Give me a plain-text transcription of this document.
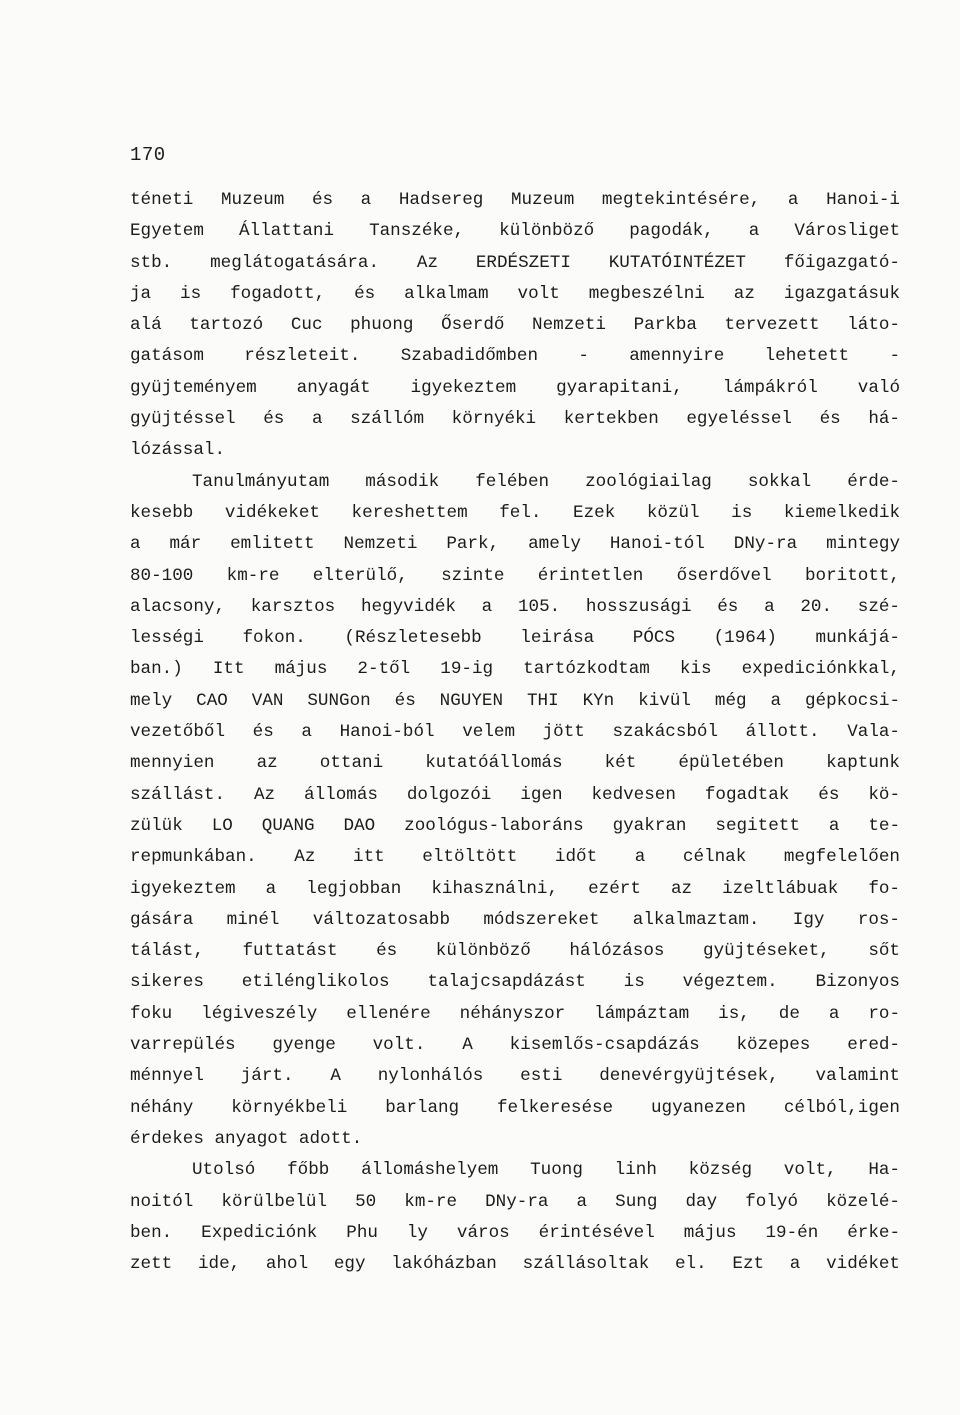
170
téneti Muzeum és a Hadsereg Muzeum megtekintésére, a Hanoi-i
Egyetem Állattani Tanszéke, különböző pagodák, a Városliget
stb. meglátogatására. Az ERDÉSZETI KUTATÓINTÉZET főigazgató-
ja is fogadott, és alkalmam volt megbeszélni az igazgatásuk
alá tartozó Cuc phuong Őserdő Nemzeti Parkba tervezett láto-
gatásom részleteit. Szabadidőmben - amennyire lehetett -
gyüjteményem anyagát igyekeztem gyarapitani, lámpákról való
gyüjtéssel és a szállóm környéki kertekben egyeléssel és há-
lózással.
Tanulmányutam második felében zoológiailag sokkal érde-
kesebb vidékeket kereshettem fel. Ezek közül is kiemelkedik
a már emlitett Nemzeti Park, amely Hanoi-tól DNy-ra mintegy
80-100 km-re elterülő, szinte érintetlen őserdővel boritott,
alacsony, karsztos hegyvidék a 105. hosszusági és a 20. szé-
lességi fokon. (Részletesebb leirása PÓCS (1964) munkájá-
ban.) Itt május 2-től 19-ig tartózkodtam kis expediciónkkal,
mely CAO VAN SUNGon és NGUYEN THI KYn kivül még a gépkocsi-
vezetőből és a Hanoi-ból velem jött szakácsból állott. Vala-
mennyien az ottani kutatóállomás két épületében kaptunk
szállást. Az állomás dolgozói igen kedvesen fogadtak és kö-
zülük LO QUANG DAO zoológus-laboráns gyakran segitett a te-
repmunkában. Az itt eltöltött időt a célnak megfelelően
igyekeztem a legjobban kihasználni, ezért az izeltlábuak fo-
gására minél változatosabb módszereket alkalmaztam. Igy ros-
tálást, futtatást és különböző hálózásos gyüjtéseket, sőt
sikeres etilénglikolos talajcsapdázást is végeztem. Bizonyos
foku légiveszély ellenére néhányszor lámpáztam is, de a ro-
varrepülés gyenge volt. A kisemlős-csapdázás közepes ered-
ménnyel járt. A nylonhálós esti denevérgyüjtések, valamint
néhány környékbeli barlang felkeresése ugyanezen célból,igen
érdekes anyagot adott.
Utolsó főbb állomáshelyem Tuong linh község volt, Ha-
noitól körülbelül 50 km-re DNy-ra a Sung day folyó közelé-
ben. Expediciónk Phu ly város érintésével május 19-én érke-
zett ide, ahol egy lakóházban szállásoltak el. Ezt a vidéket
